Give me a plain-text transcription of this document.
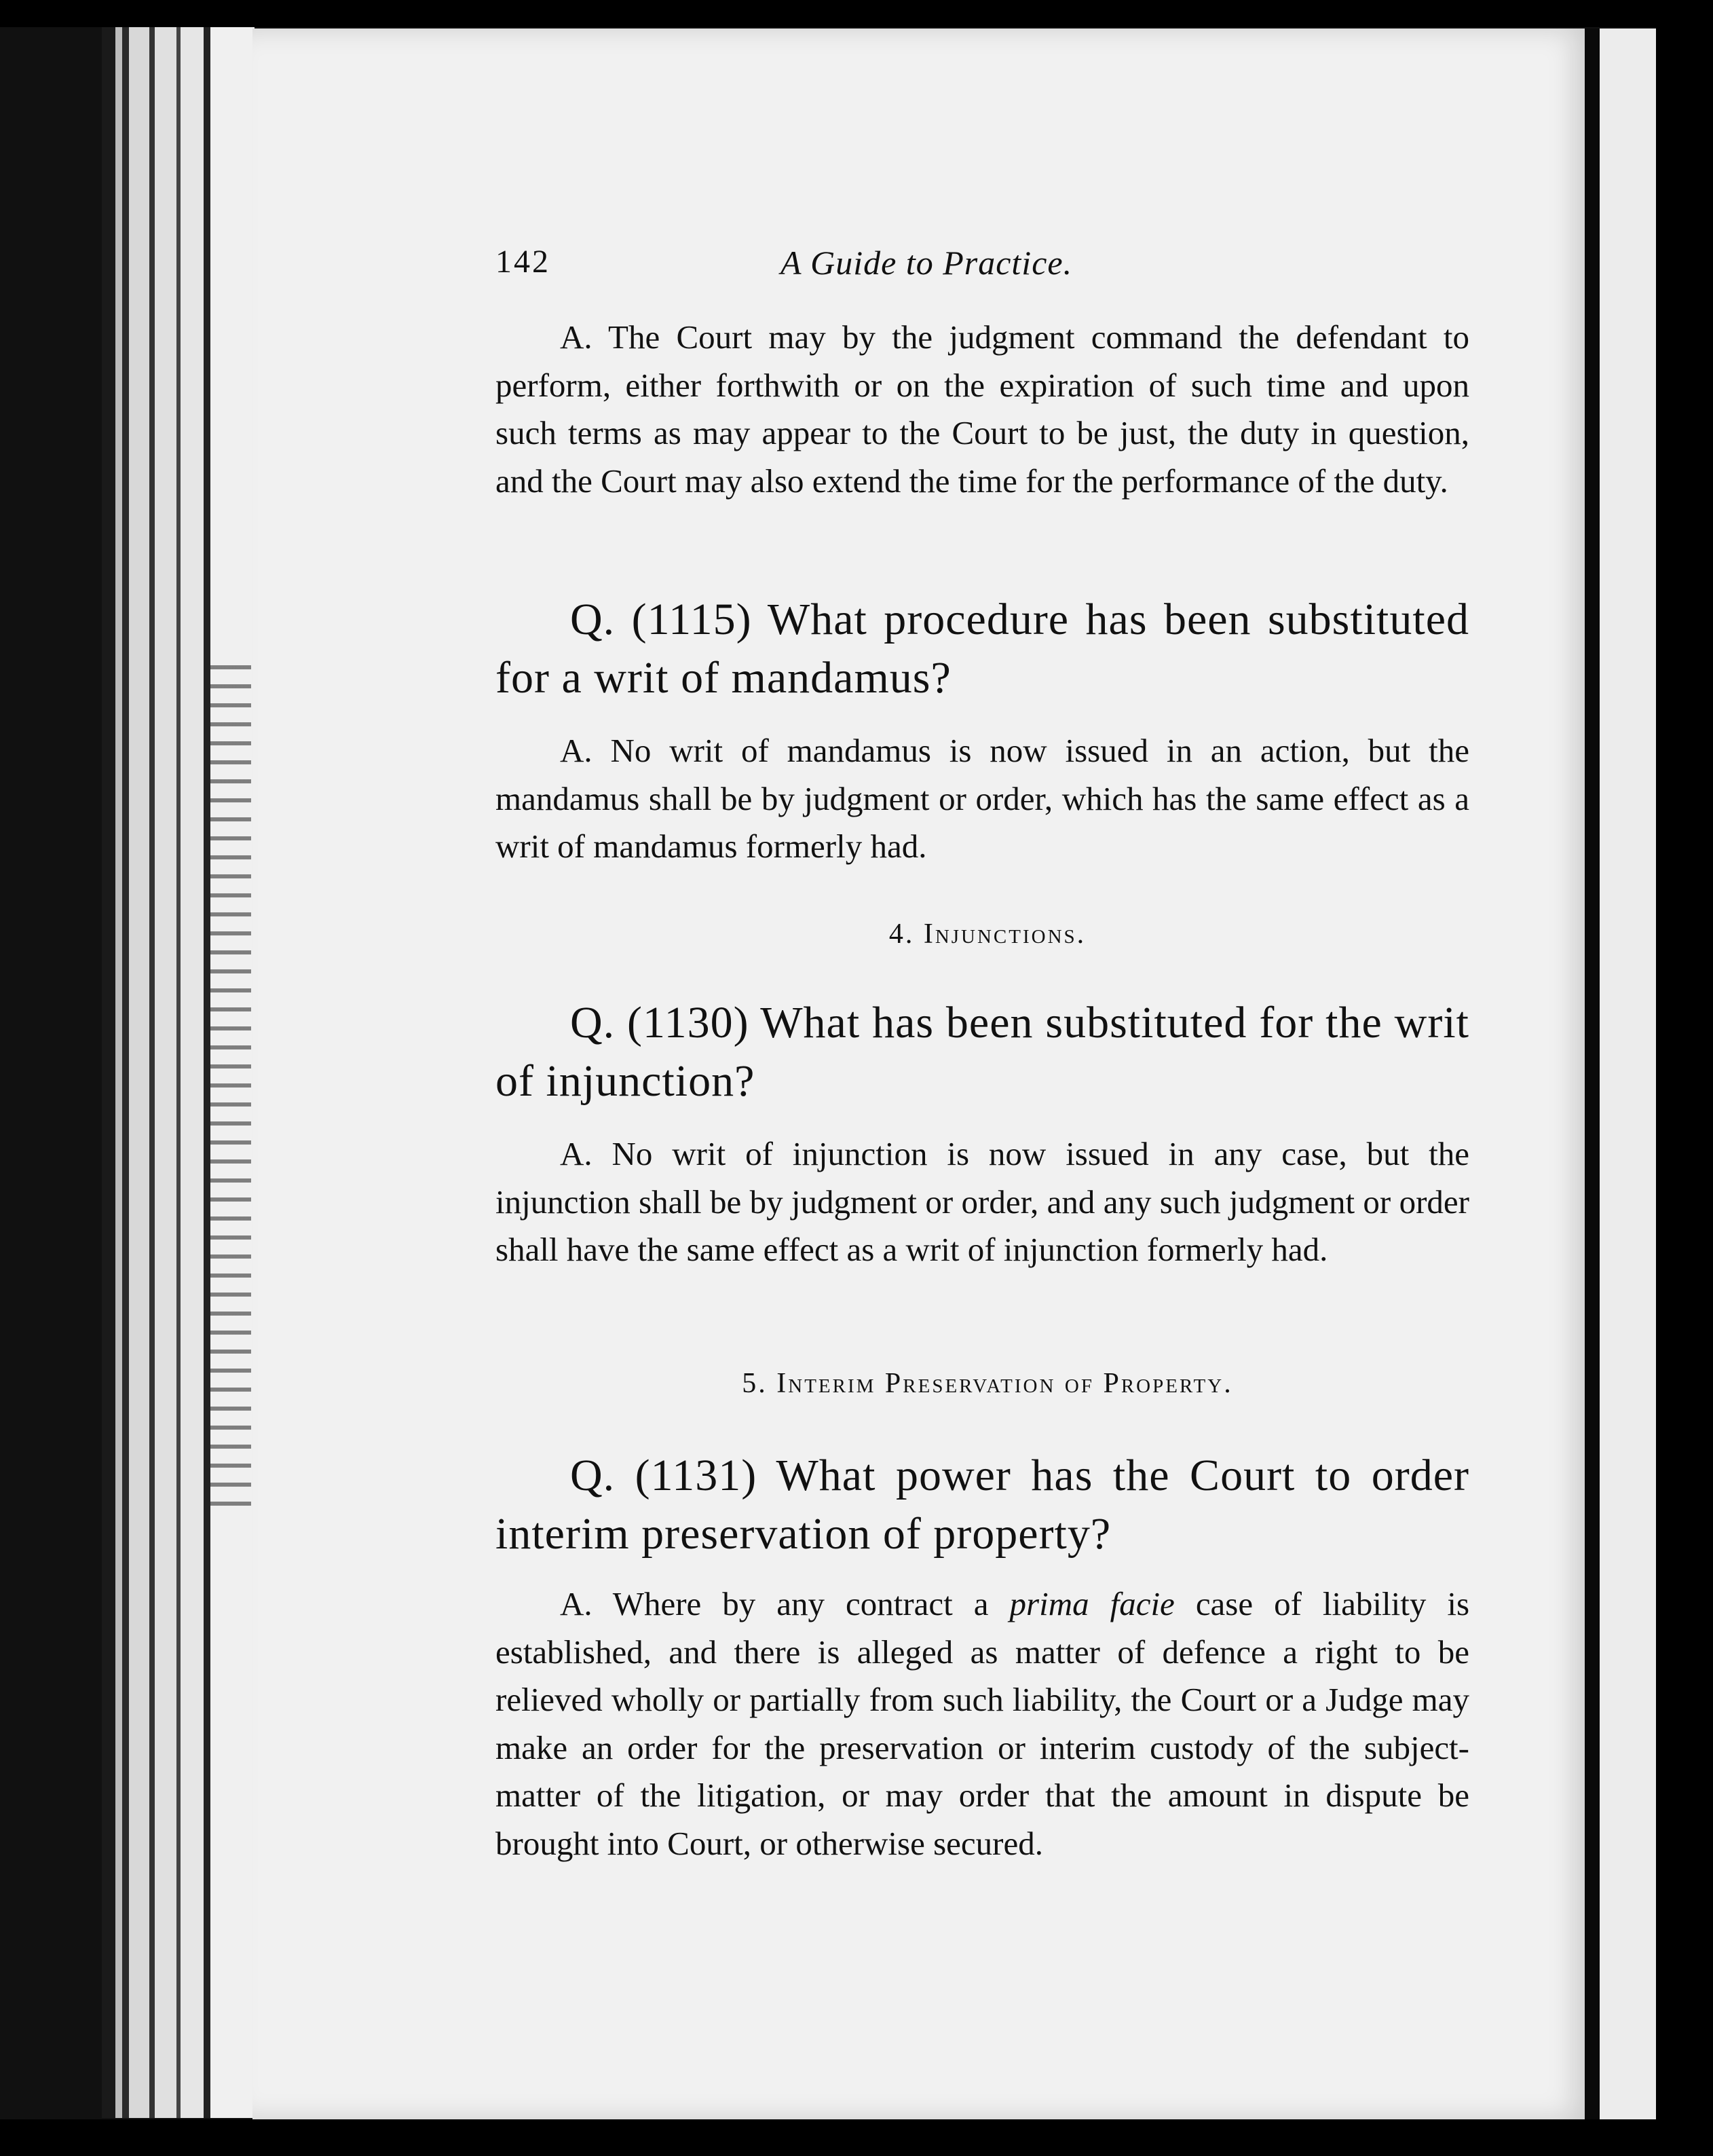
142	A Guide to Practice.

A. The Court may by the judgment command the defendant to perform, either forthwith or on the expiration of such time and upon such terms as may appear to the Court to be just, the duty in question, and the Court may also extend the time for the performance of the duty.

Q. (1115) What procedure has been substituted for a writ of mandamus?

A. No writ of mandamus is now issued in an action, but the mandamus shall be by judgment or order, which has the same effect as a writ of mandamus formerly had.

4. Injunctions.

Q. (1130) What has been substituted for the writ of injunction?

A. No writ of injunction is now issued in any case, but the injunction shall be by judgment or order, and any such judgment or order shall have the same effect as a writ of injunction formerly had.

5. Interim Preservation of Property.

Q. (1131) What power has the Court to order interim preservation of property?

A. Where by any contract a prima facie case of liability is established, and there is alleged as matter of defence a right to be relieved wholly or partially from such liability, the Court or a Judge may make an order for the preservation or interim custody of the subject-matter of the litigation, or may order that the amount in dispute be brought into Court, or otherwise secured.
